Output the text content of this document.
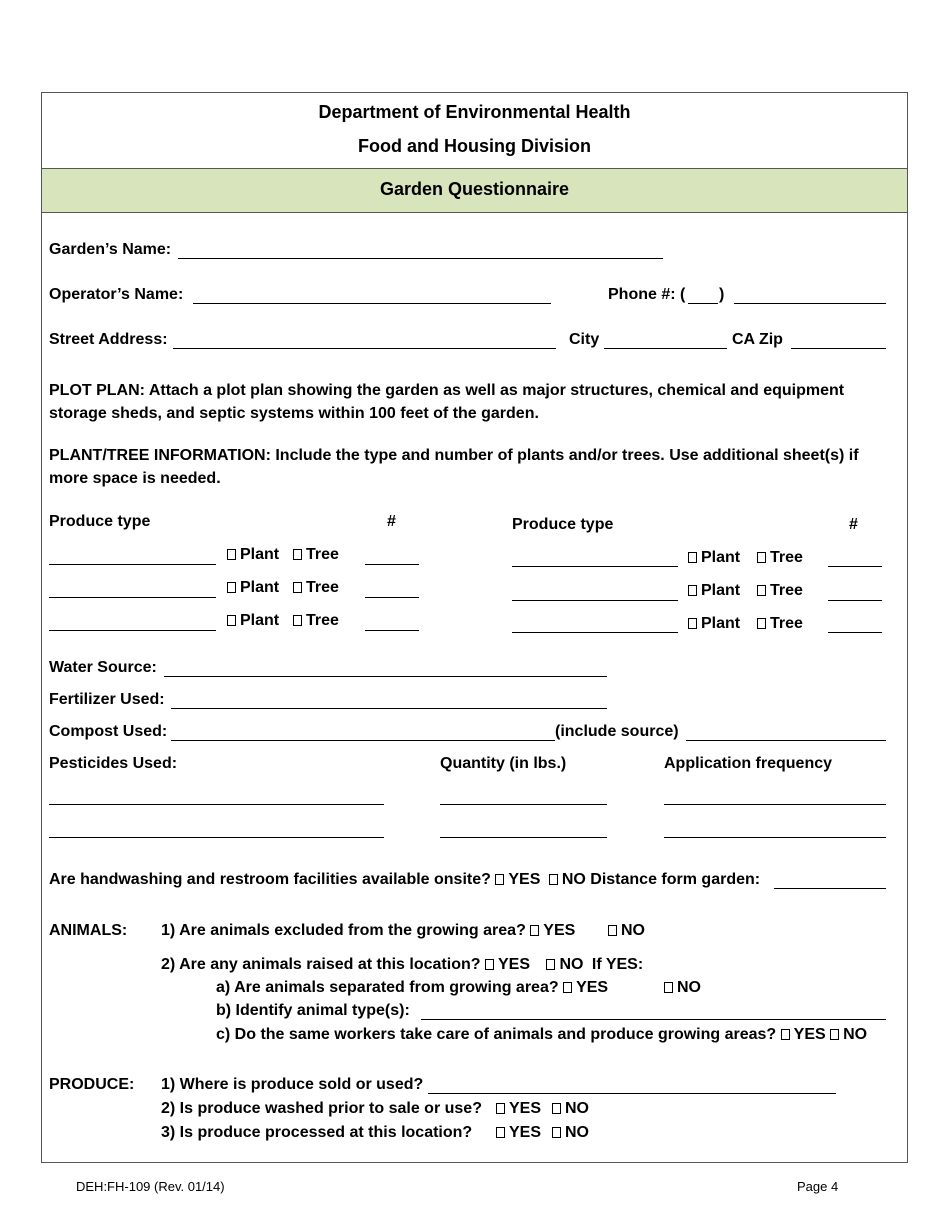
Department of Environmental Health
Food and Housing Division
Garden Questionnaire
Garden’s Name:
Operator’s Name:	Phone #: ( )
Street Address:	City	CA Zip
PLOT PLAN: Attach a plot plan showing the garden as well as major structures, chemical and equipment storage sheds, and septic systems within 100 feet of the garden.
PLANT/TREE INFORMATION: Include the type and number of plants and/or trees. Use additional sheet(s) if more space is needed.
Produce type	#
Plant	Tree
Plant	Tree
Plant	Tree
Produce type	#
Plant	Tree
Plant	Tree
Plant	Tree
Water Source:
Fertilizer Used:
Compost Used:	(include source)
Pesticides Used:	Quantity (in lbs.)	Application frequency
Are handwashing and restroom facilities available onsite? YES NO Distance form garden:
ANIMALS: 1) Are animals excluded from the growing area? YES	NO
2) Are any animals raised at this location? YES NO If YES:
a) Are animals separated from growing area? YES	NO
b) Identify animal type(s):
c) Do the same workers take care of animals and produce growing areas? YES NO
PRODUCE: 1) Where is produce sold or used?
2) Is produce washed prior to sale or use?	YES	NO
3) Is produce processed at this location?	YES	NO
DEH:FH-109 (Rev. 01/14)	Page 4
